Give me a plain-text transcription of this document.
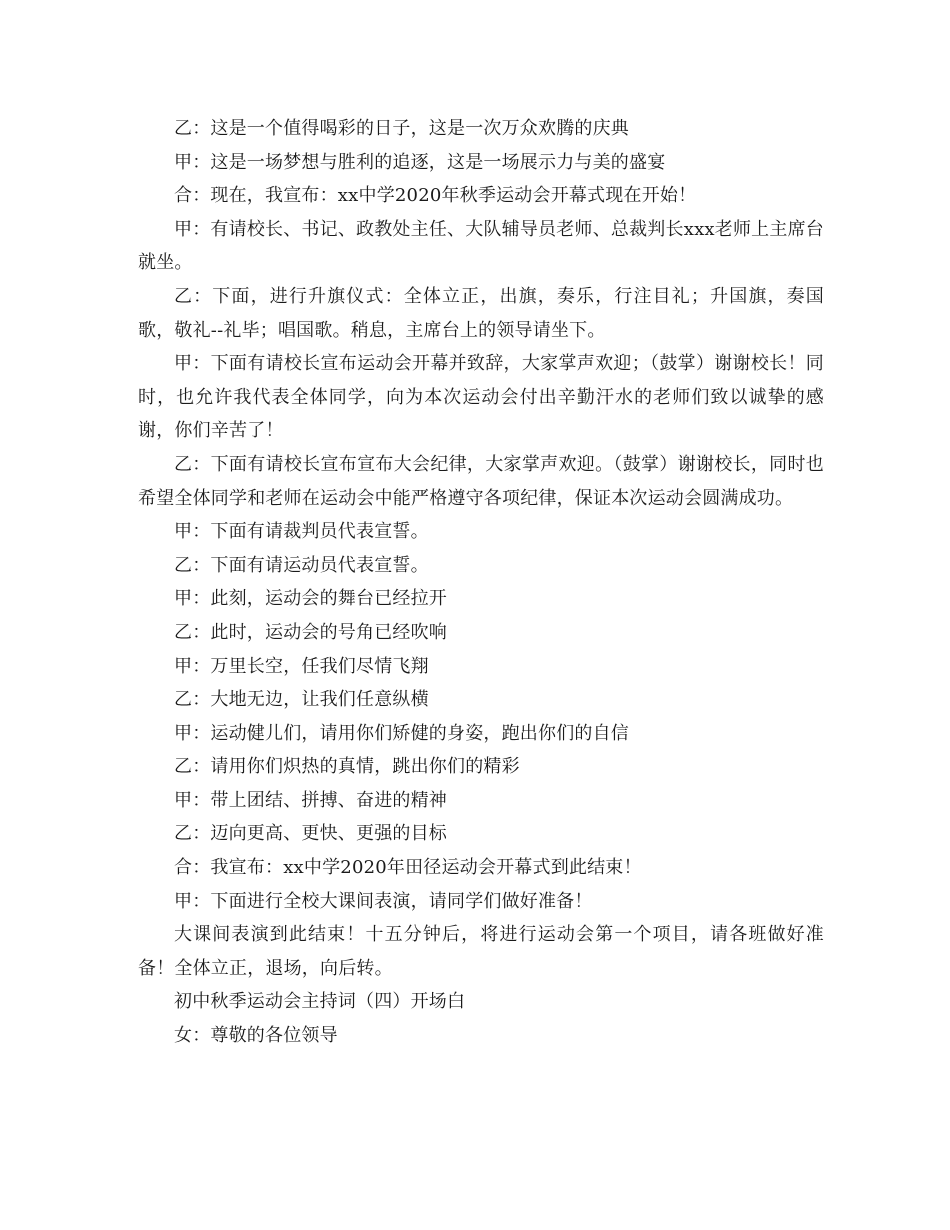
乙：这是一个值得喝彩的日子，这是一次万众欢腾的庆典

甲：这是一场梦想与胜利的追逐，这是一场展示力与美的盛宴

合：现在，我宣布：xx中学2020年秋季运动会开幕式现在开始！

甲：有请校长、书记、政教处主任、大队辅导员老师、总裁判长xxx老师上主席台就坐。

乙：下面，进行升旗仪式：全体立正，出旗，奏乐，行注目礼；升国旗，奏国歌，敬礼--礼毕；唱国歌。稍息，主席台上的领导请坐下。

甲：下面有请校长宣布运动会开幕并致辞，大家掌声欢迎；（鼓掌）谢谢校长！同时，也允许我代表全体同学，向为本次运动会付出辛勤汗水的老师们致以诚挚的感谢，你们辛苦了！

乙：下面有请校长宣布宣布大会纪律，大家掌声欢迎。（鼓掌）谢谢校长，同时也希望全体同学和老师在运动会中能严格遵守各项纪律，保证本次运动会圆满成功。

甲：下面有请裁判员代表宣誓。

乙：下面有请运动员代表宣誓。

甲：此刻，运动会的舞台已经拉开

乙：此时，运动会的号角已经吹响

甲：万里长空，任我们尽情飞翔

乙：大地无边，让我们任意纵横

甲：运动健儿们，请用你们矫健的身姿，跑出你们的自信

乙：请用你们炽热的真情，跳出你们的精彩

甲：带上团结、拼搏、奋进的精神

乙：迈向更高、更快、更强的目标

合：我宣布：xx中学2020年田径运动会开幕式到此结束！

甲：下面进行全校大课间表演，请同学们做好准备！

大课间表演到此结束！十五分钟后，将进行运动会第一个项目，请各班做好准备！全体立正，退场，向后转。

初中秋季运动会主持词（四）开场白

女：尊敬的各位领导
